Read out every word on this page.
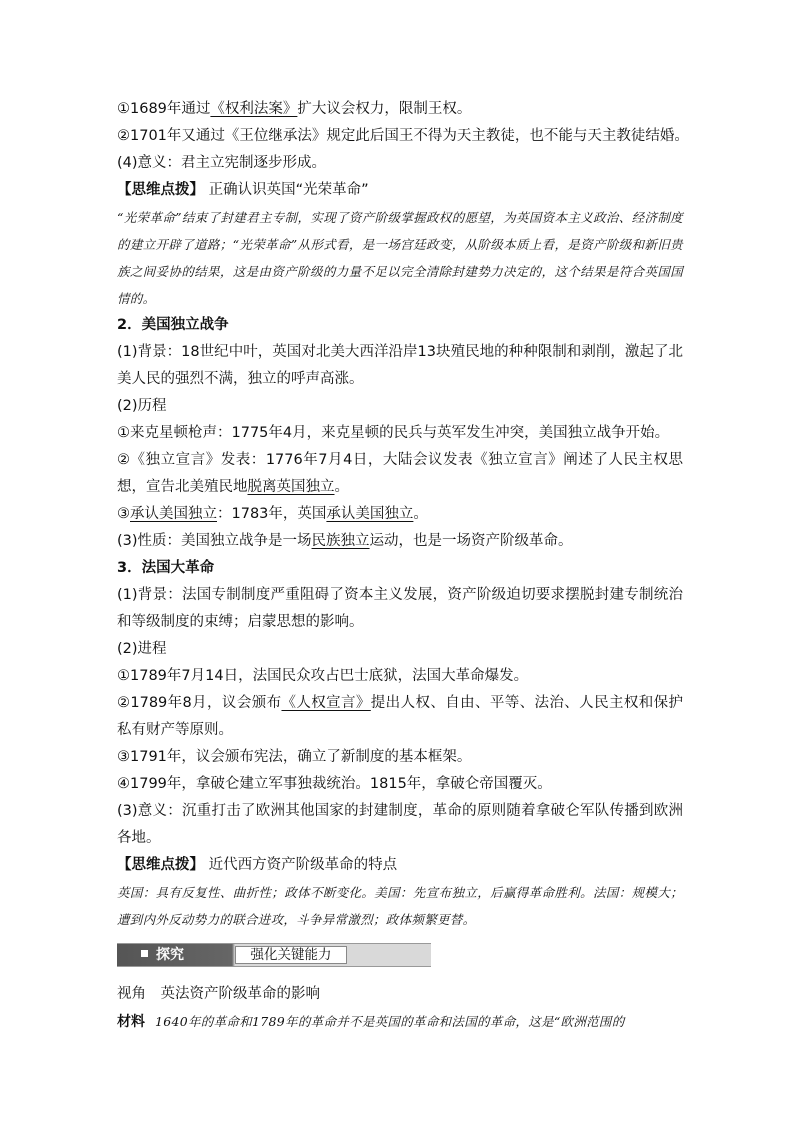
①1689年通过《权利法案》扩大议会权力，限制王权。
②1701年又通过《王位继承法》规定此后国王不得为天主教徒，也不能与天主教徒结婚。
(4)意义：君主立宪制逐步形成。
【思维点拨】 正确认识英国“光荣革命”
“光荣革命”结束了封建君主专制，实现了资产阶级掌握政权的愿望，为英国资本主义政治、经济制度的建立开辟了道路；“光荣革命”从形式看，是一场宫廷政变，从阶级本质上看，是资产阶级和新旧贵族之间妥协的结果，这是由资产阶级的力量不足以完全清除封建势力决定的，这个结果是符合英国国情的。
2．美国独立战争
(1)背景：18世纪中叶，英国对北美大西洋沿岸13块殖民地的种种限制和剥削，激起了北美人民的强烈不满，独立的呼声高涨。
(2)历程
①来克星顿枪声：1775年4月，来克星顿的民兵与英军发生冲突，美国独立战争开始。
②《独立宣言》发表：1776年7月4日，大陆会议发表《独立宣言》阐述了人民主权思想，宣告北美殖民地脱离英国独立。
③承认美国独立：1783年，英国承认美国独立。
(3)性质：美国独立战争是一场民族独立运动，也是一场资产阶级革命。
3．法国大革命
(1)背景：法国专制制度严重阻碍了资本主义发展，资产阶级迫切要求摆脱封建专制统治和等级制度的束缚；启蒙思想的影响。
(2)进程
①1789年7月14日，法国民众攻占巴士底狱，法国大革命爆发。
②1789年8月，议会颁布《人权宣言》提出人权、自由、平等、法治、人民主权和保护私有财产等原则。
③1791年，议会颁布宪法，确立了新制度的基本框架。
④1799年，拿破仑建立军事独裁统治。1815年，拿破仑帝国覆灭。
(3)意义：沉重打击了欧洲其他国家的封建制度，革命的原则随着拿破仑军队传播到欧洲各地。
【思维点拨】 近代西方资产阶级革命的特点
英国：具有反复性、曲折性；政体不断变化。美国：先宣布独立，后赢得革命胜利。法国：规模大；遭到内外反动势力的联合进攻，斗争异常激烈；政体频繁更替。
探究	强化关键能力
视角　英法资产阶级革命的影响
材料 1640年的革命和1789年的革命并不是英国的革命和法国的革命，这是“欧洲范围的
